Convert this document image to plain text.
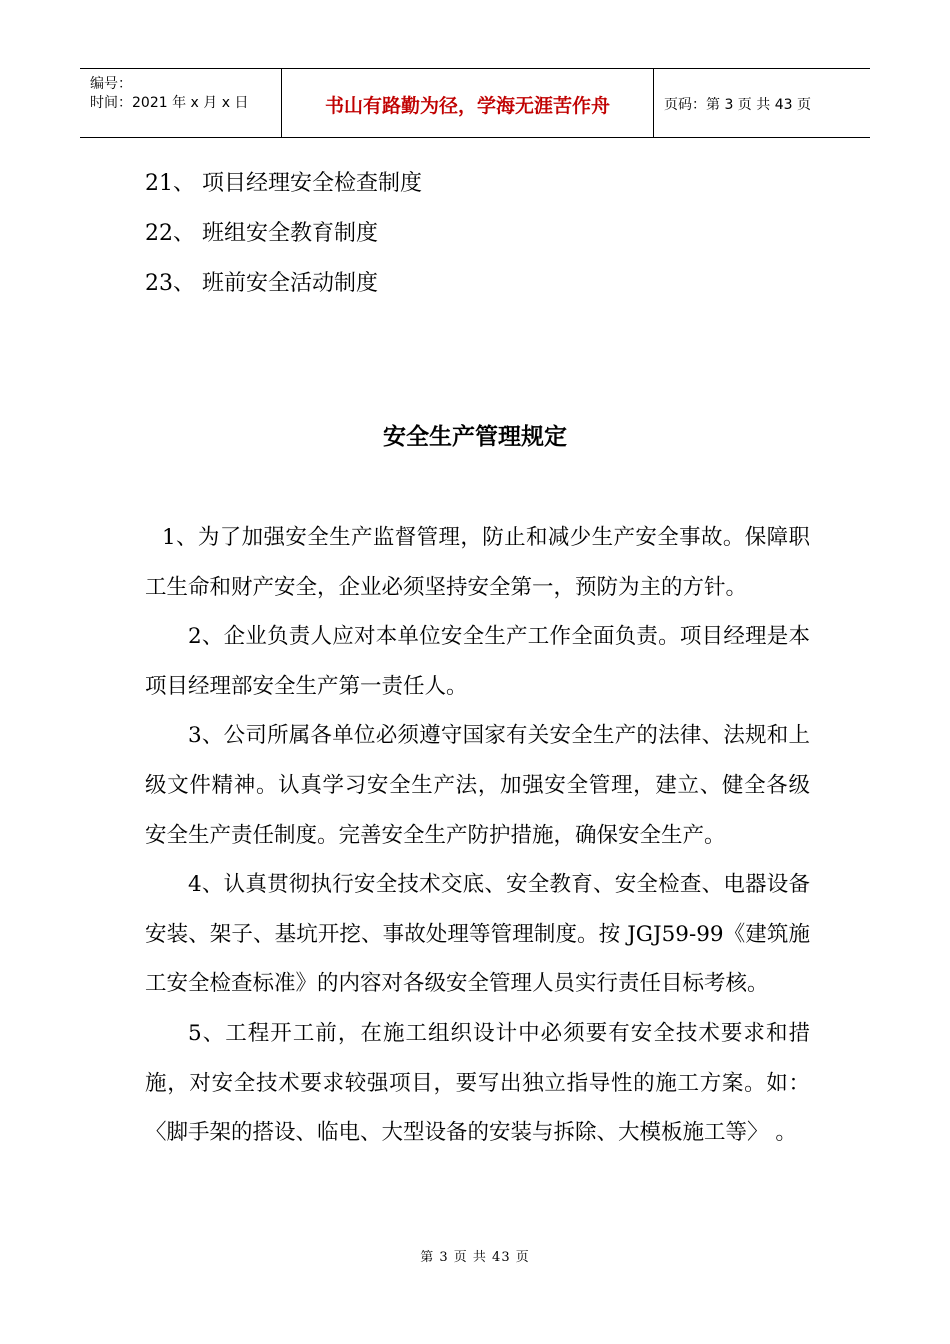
编号：
时间：2021 年 x 月 x 日	书山有路勤为径，学海无涯苦作舟	页码：第 3 页 共 43 页
21、 项目经理安全检查制度
22、 班组安全教育制度
23、 班前安全活动制度
安全生产管理规定

1、为了加强安全生产监督管理，防止和减少生产安全事故。保障职工生命和财产安全，企业必须坚持安全第一，预防为主的方针。

2、企业负责人应对本单位安全生产工作全面负责。项目经理是本项目经理部安全生产第一责任人。

3、公司所属各单位必须遵守国家有关安全生产的法律、法规和上级文件精神。认真学习安全生产法，加强安全管理，建立、健全各级安全生产责任制度。完善安全生产防护措施，确保安全生产。

4、认真贯彻执行安全技术交底、安全教育、安全检查、电器设备安装、架子、基坑开挖、事故处理等管理制度。按 JGJ59-99《建筑施工安全检查标准》的内容对各级安全管理人员实行责任目标考核。

5、工程开工前，在施工组织设计中必须要有安全技术要求和措施，对安全技术要求较强项目，要写出独立指导性的施工方案。如：〈脚手架的搭设、临电、大型设备的安装与拆除、大模板施工等〉 。

第 3 页 共 43 页
